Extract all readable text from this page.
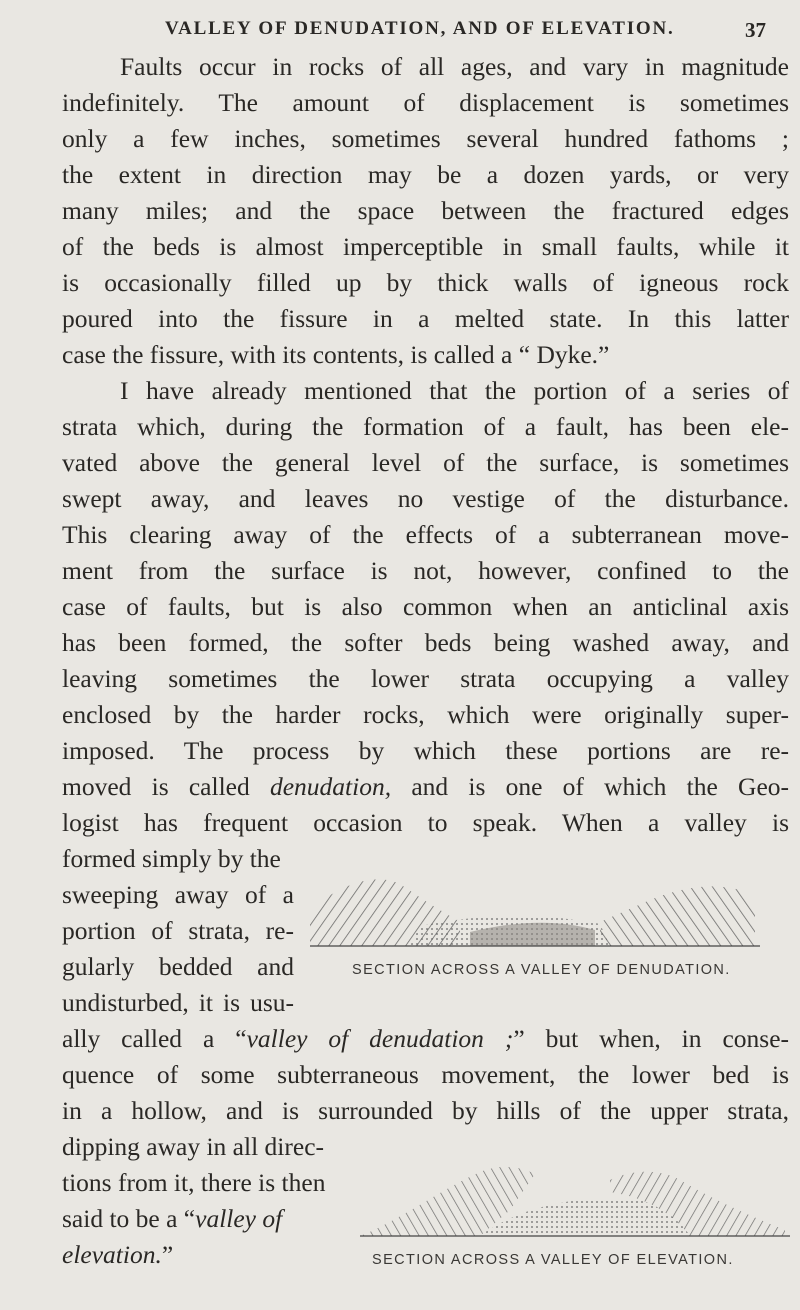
VALLEY OF DENUDATION, AND OF ELEVATION.	37
Faults occur in rocks of all ages, and vary in magnitude
indefinitely. The amount of displacement is sometimes
only a few inches, sometimes several hundred fathoms ;
the extent in direction may be a dozen yards, or very
many miles; and the space between the fractured edges
of the beds is almost imperceptible in small faults, while it
is occasionally filled up by thick walls of igneous rock
poured into the fissure in a melted state. In this latter
case the fissure, with its contents, is called a “ Dyke.”
I have already mentioned that the portion of a series of
strata which, during the formation of a fault, has been ele-
vated above the general level of the surface, is sometimes
swept away, and leaves no vestige of the disturbance.
This clearing away of the effects of a subterranean move-
ment from the surface is not, however, confined to the
case of faults, but is also common when an anticlinal axis
has been formed, the softer beds being washed away, and
leaving sometimes the lower strata occupying a valley
enclosed by the harder rocks, which were originally super-
imposed. The process by which these portions are re-
moved is called denudation, and is one of which the Geo-
logist has frequent occasion to speak. When a valley is
formed simply by the
sweeping away of a
portion of strata, re-
gularly bedded and
undisturbed, it is usu-
ally called a “valley of denudation ;” but when, in conse-
quence of some subterraneous movement, the lower bed is
in a hollow, and is surrounded by hills of the upper strata,
dipping away in all direc-
tions from it, there is then
said to be a “valley of
elevation.”
SECTION ACROSS A VALLEY OF DENUDATION.
SECTION ACROSS A VALLEY OF ELEVATION.
